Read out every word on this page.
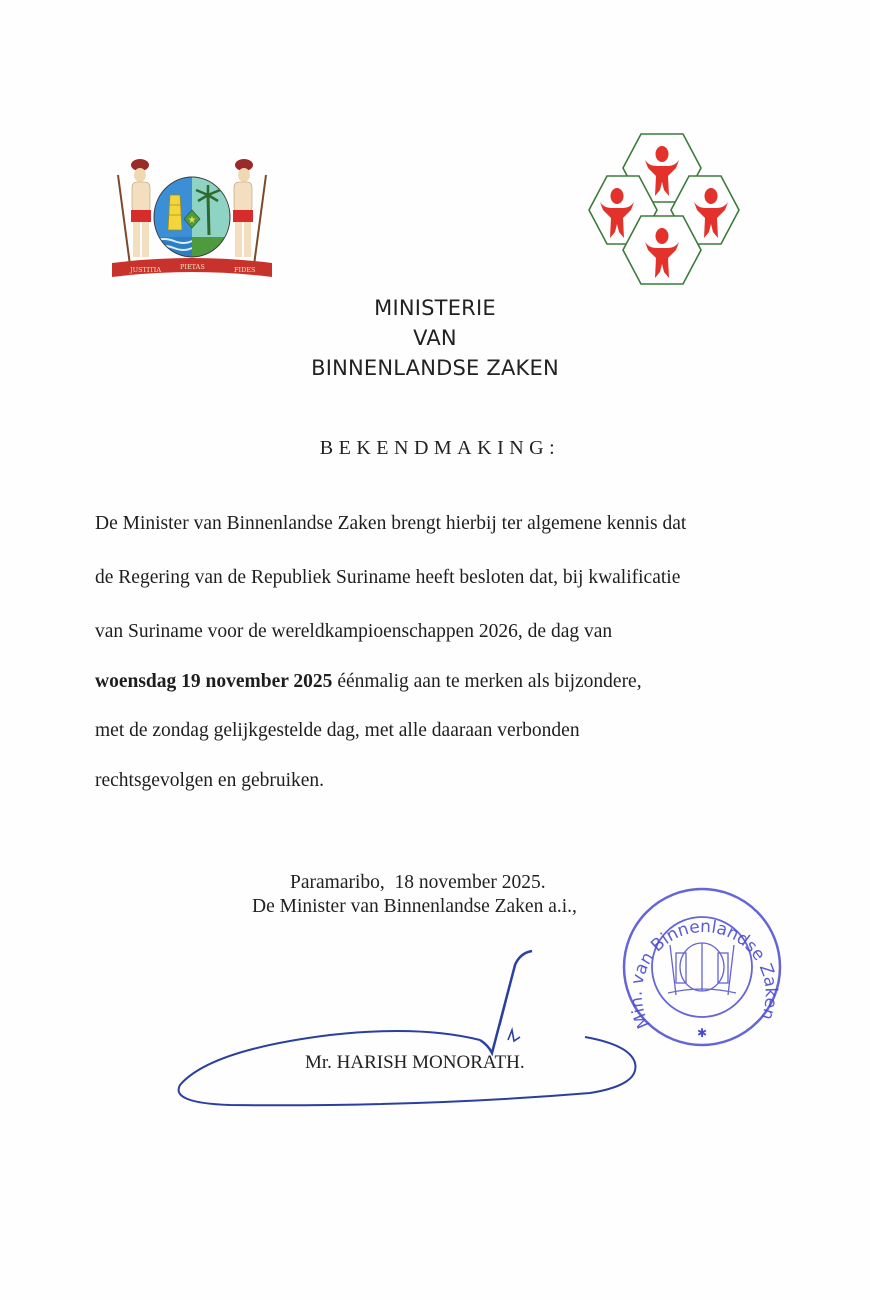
★
JUSTITIA	PIETAS	FIDES
MINISTERIE
VAN
BINNENLANDSE ZAKEN
BEKENDMAKING:
De Minister van Binnenlandse Zaken brengt hierbij ter algemene kennis dat
de Regering van de Republiek Suriname heeft besloten dat, bij kwalificatie
van Suriname voor de wereldkampioenschappen 2026, de dag van
woensdag 19 november 2025 éénmalig aan te merken als bijzondere,
met de zondag gelijkgestelde dag, met alle daaraan verbonden
rechtsgevolgen en gebruiken.
Paramaribo,  18 november 2025.
De Minister van Binnenlandse Zaken a.i.,
Mr. HARISH MONORATH.
Min. van Binnenlandse Zaken
✱
